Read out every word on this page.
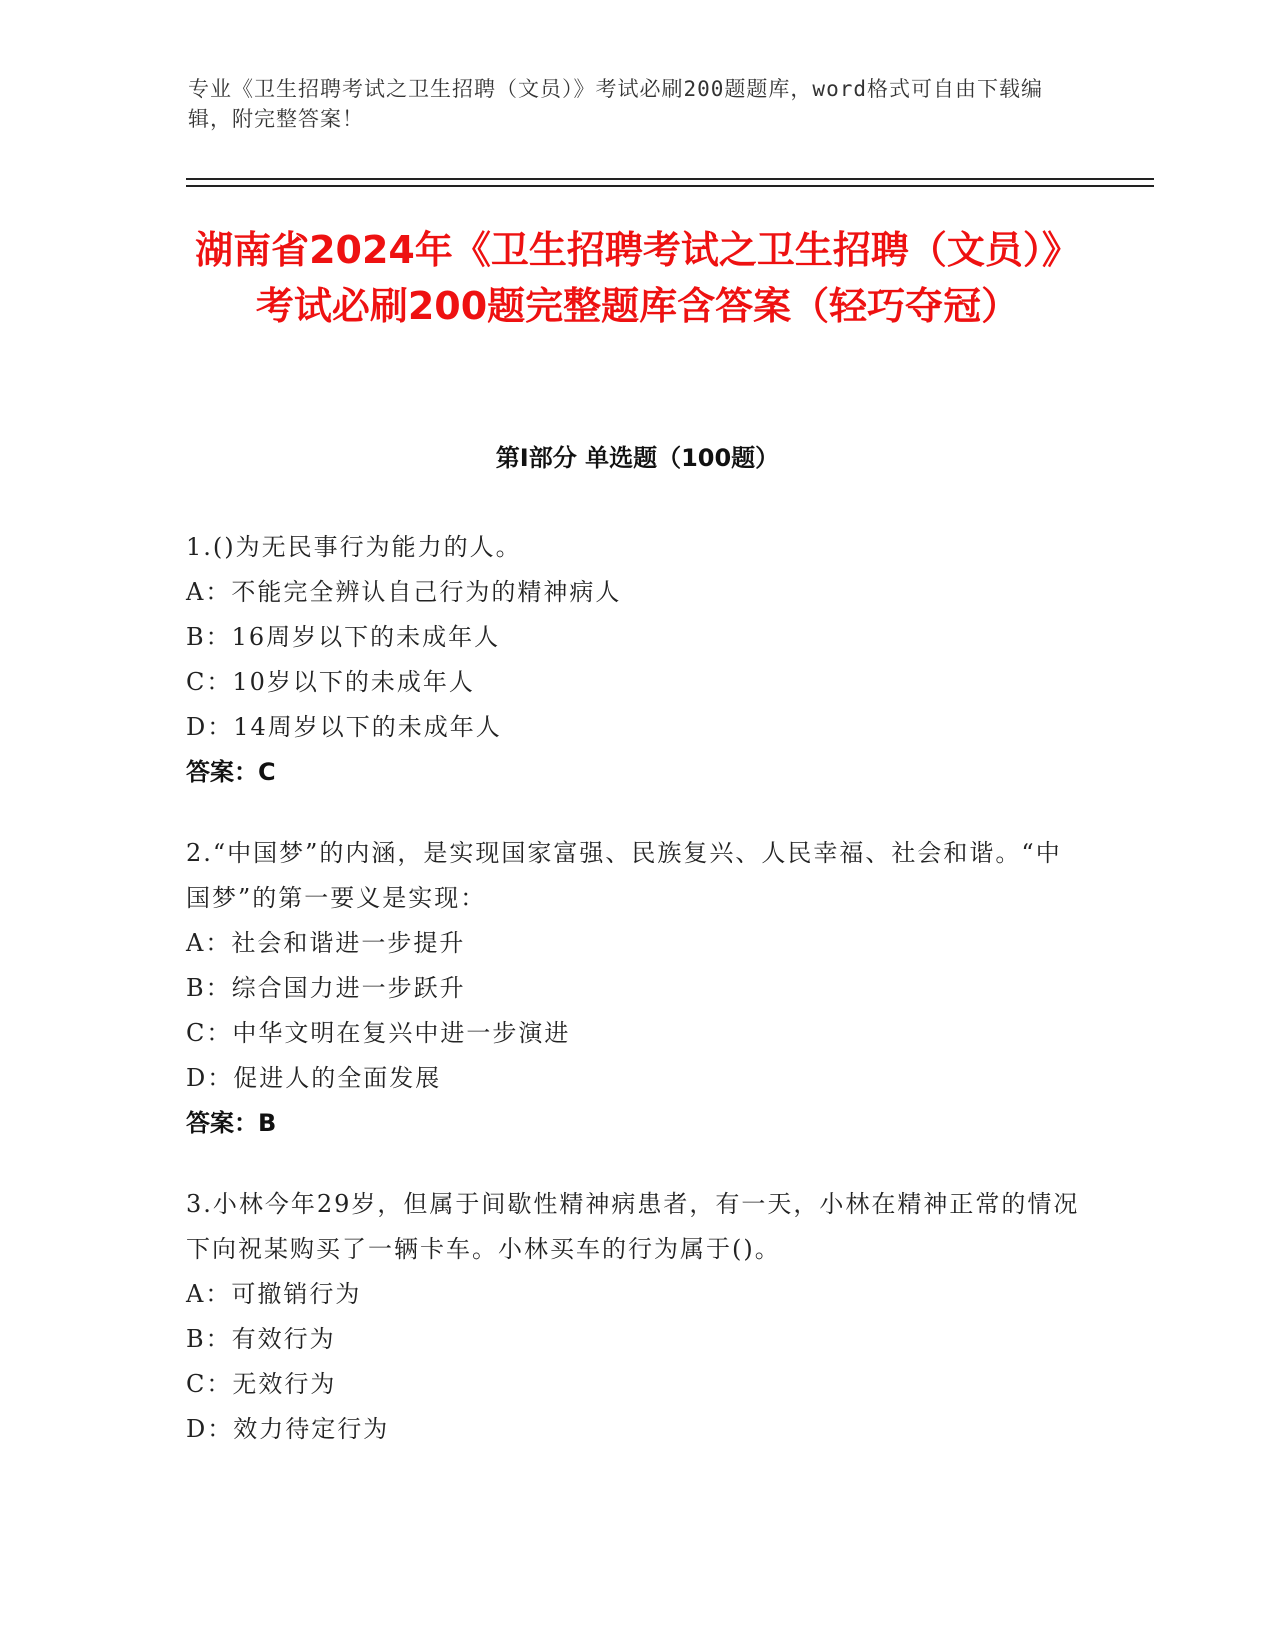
专业《卫生招聘考试之卫生招聘（文员）》考试必刷200题题库，word格式可自由下载编辑，附完整答案！
湖南省2024年《卫生招聘考试之卫生招聘（文员）》考试必刷200题完整题库含答案（轻巧夺冠）
第Ⅰ部分 单选题（100题）
1.()为无民事行为能力的人。
A：不能完全辨认自己行为的精神病人
B：16周岁以下的未成年人
C：10岁以下的未成年人
D：14周岁以下的未成年人
答案：C
2.“中国梦”的内涵，是实现国家富强、民族复兴、人民幸福、社会和谐。“中国梦”的第一要义是实现：
A：社会和谐进一步提升
B：综合国力进一步跃升
C：中华文明在复兴中进一步演进
D：促进人的全面发展
答案：B
3.小林今年29岁，但属于间歇性精神病患者，有一天，小林在精神正常的情况下向祝某购买了一辆卡车。小林买车的行为属于()。
A：可撤销行为
B：有效行为
C：无效行为
D：效力待定行为
